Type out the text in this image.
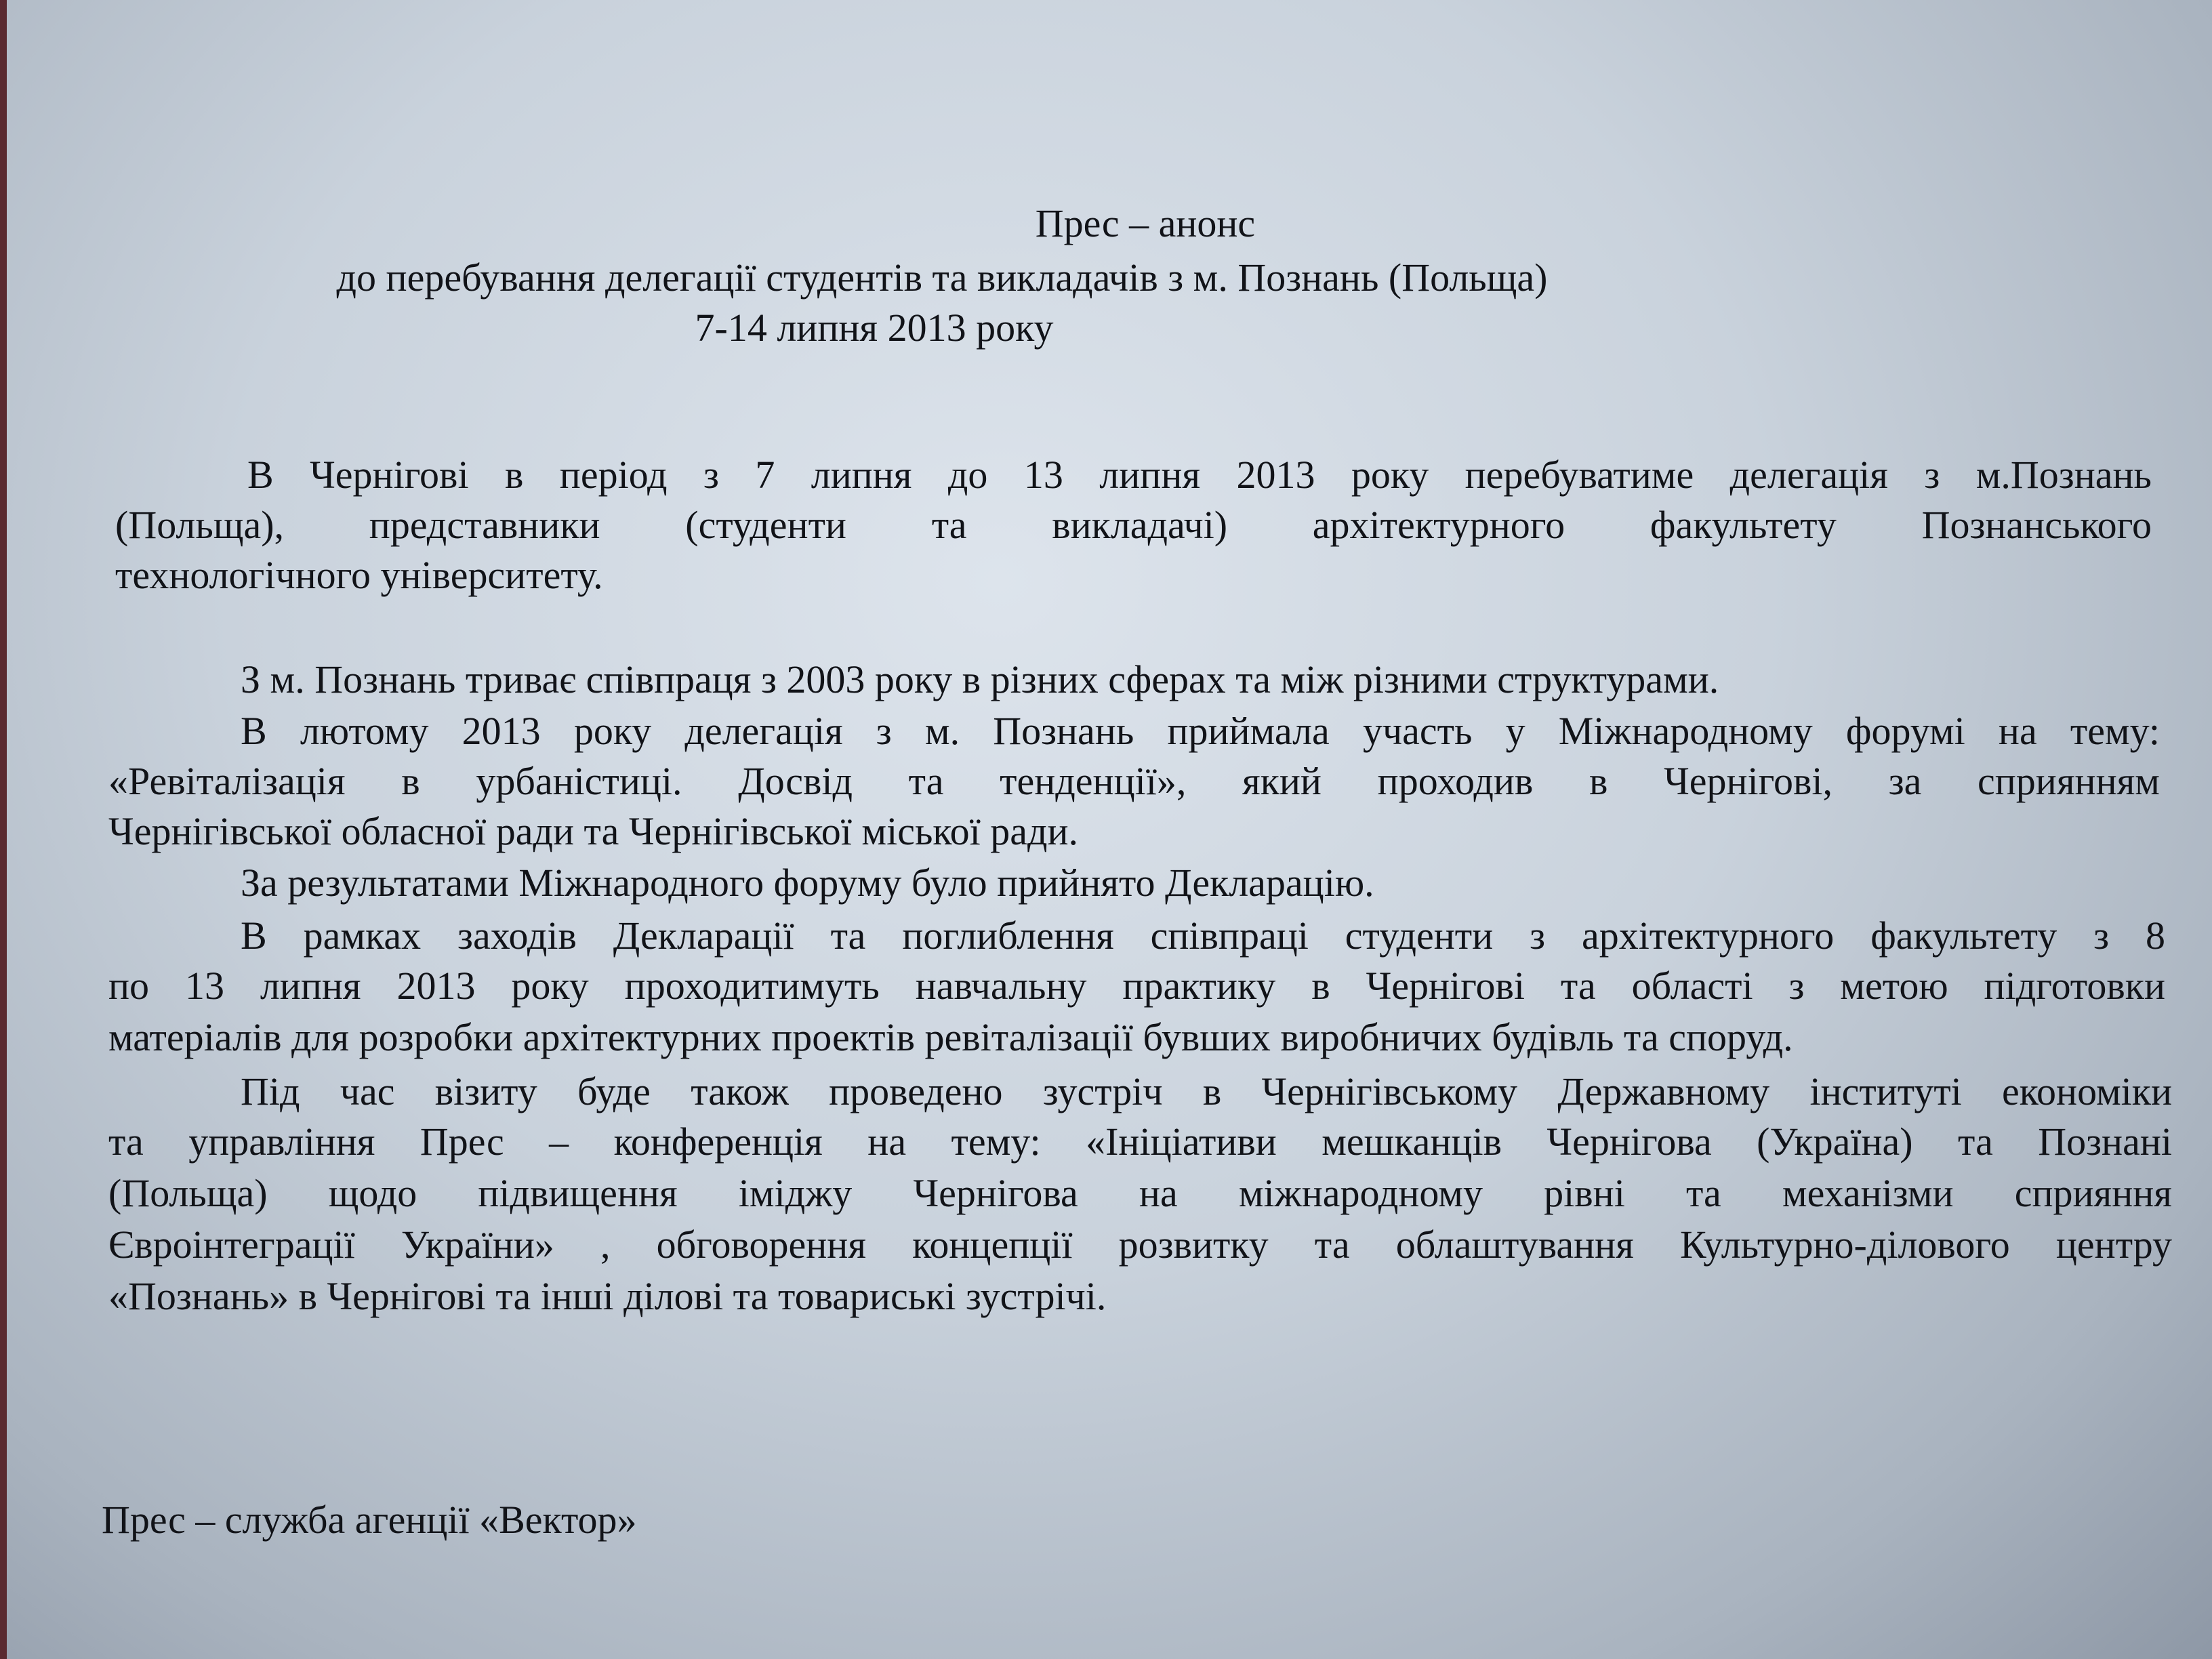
Прес – анонс
до перебування делегації студентів та викладачів з м. Познань (Польща)
7-14 липня 2013 року
В Чернігові в період з 7 липня до 13 липня 2013 року перебуватиме делегація з м.Познань
(Польща), представники (студенти та викладачі) архітектурного факультету Познанського
технологічного університету.
З м. Познань триває співпраця з 2003 року в різних сферах та між різними структурами.
В лютому 2013 року делегація з м. Познань приймала участь у Міжнародному форумі на тему:
«Ревіталізація в урбаністиці. Досвід та тенденції», який проходив в Чернігові, за сприянням
Чернігівської обласної ради та Чернігівської міської ради.
За результатами Міжнародного форуму було прийнято Декларацію.
В рамках заходів Декларації та поглиблення співпраці студенти з архітектурного факультету з 8
по 13 липня 2013 року проходитимуть навчальну практику в Чернігові та області з метою підготовки
матеріалів для розробки архітектурних проектів ревіталізації бувших виробничих будівль та споруд.
Під час візиту буде також проведено зустріч в Чернігівському Державному інституті економіки
та управління Прес – конференція на тему: «Ініціативи мешканців Чернігова (Україна) та Познані
(Польща) щодо підвищення іміджу Чернігова на міжнародному рівні та механізми сприяння
Євроінтеграції України» , обговорення концепції розвитку та облаштування Культурно-ділового центру
«Познань» в Чернігові та інші ділові та товариські зустрічі.
Прес – служба агенції «Вектор»
